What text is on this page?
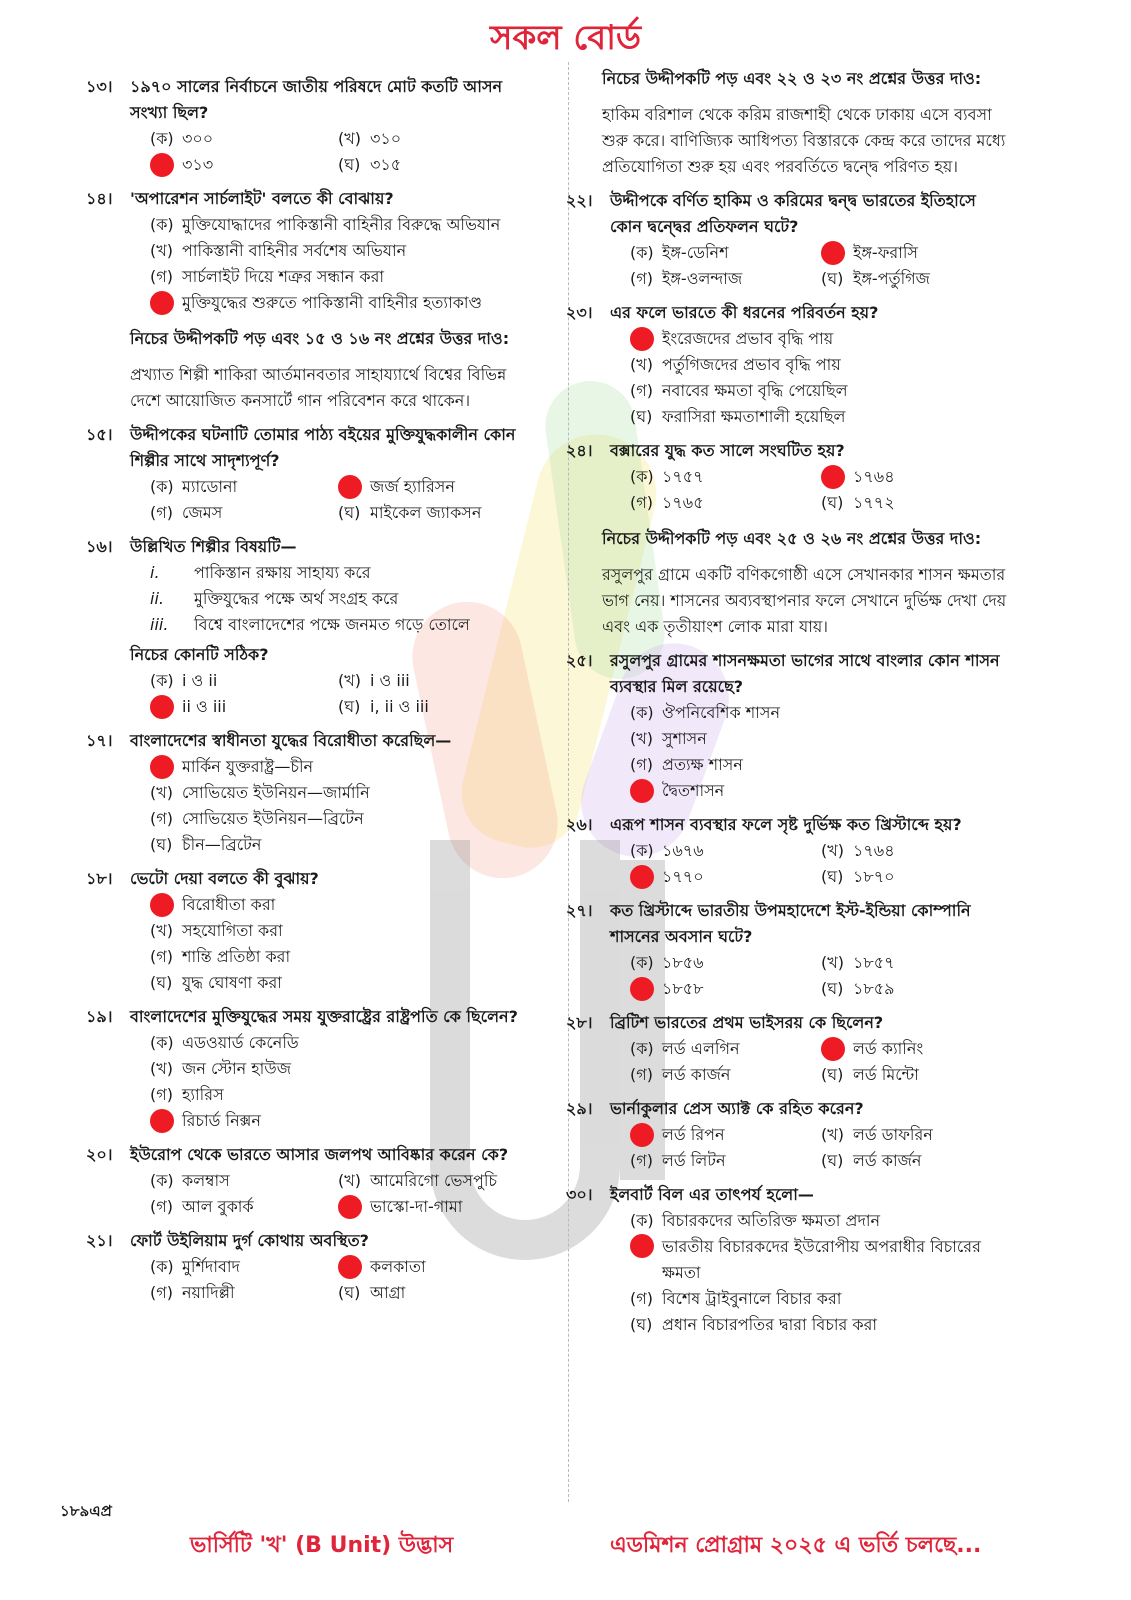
সকল বোর্ড
১৩।	১৯৭০ সালের নির্বাচনে জাতীয় পরিষদে মোট কতটি আসন সংখ্যা ছিল?
(ক) ৩০০	(খ) ৩১০
৩১৩	(ঘ) ৩১৫
১৪।	'অপারেশন সার্চলাইট' বলতে কী বোঝায়?
(ক) মুক্তিযোদ্ধাদের পাকিস্তানী বাহিনীর বিরুদ্ধে অভিযান
(খ) পাকিস্তানী বাহিনীর সর্বশেষ অভিযান
(গ) সার্চলাইট দিয়ে শত্রুর সন্ধান করা
মুক্তিযুদ্ধের শুরুতে পাকিস্তানী বাহিনীর হত্যাকাণ্ড
নিচের উদ্দীপকটি পড় এবং ১৫ ও ১৬ নং প্রশ্নের উত্তর দাও:
প্রখ্যাত শিল্পী শাকিরা আর্তমানবতার সাহায্যার্থে বিশ্বের বিভিন্ন দেশে আয়োজিত কনসার্টে গান পরিবেশন করে থাকেন।
১৫।	উদ্দীপকের ঘটনাটি তোমার পাঠ্য বইয়ের মুক্তিযুদ্ধকালীন কোন শিল্পীর সাথে সাদৃশ্যপূর্ণ?
(ক) ম্যাডোনা	জর্জ হ্যারিসন
(গ) জেমস	(ঘ) মাইকেল জ্যাকসন
১৬।	উল্লিখিত শিল্পীর বিষয়টি—
i. পাকিস্তান রক্ষায় সাহায্য করে
ii. মুক্তিযুদ্ধের পক্ষে অর্থ সংগ্রহ করে
iii. বিশ্বে বাংলাদেশের পক্ষে জনমত গড়ে তোলে
নিচের কোনটি সঠিক?
(ক) i ও ii	(খ) i ও iii
ii ও iii	(ঘ) i, ii ও iii
১৭।	বাংলাদেশের স্বাধীনতা যুদ্ধের বিরোধীতা করেছিল—
মার্কিন যুক্তরাষ্ট্র—চীন
(খ) সোভিয়েত ইউনিয়ন—জার্মানি
(গ) সোভিয়েত ইউনিয়ন—ব্রিটেন
(ঘ) চীন—ব্রিটেন
১৮।	ভেটো দেয়া বলতে কী বুঝায়?
বিরোধীতা করা
(খ) সহযোগিতা করা
(গ) শান্তি প্রতিষ্ঠা করা
(ঘ) যুদ্ধ ঘোষণা করা
১৯।	বাংলাদেশের মুক্তিযুদ্ধের সময় যুক্তরাষ্ট্রের রাষ্ট্রপতি কে ছিলেন?
(ক) এডওয়ার্ড কেনেডি
(খ) জন স্টোন হাউজ
(গ) হ্যারিস
রিচার্ড নিক্সন
২০।	ইউরোপ থেকে ভারতে আসার জলপথ আবিষ্কার করেন কে?
(ক) কলম্বাস	(খ) আমেরিগো ভেসপুচি
(গ) আল বুকার্ক	ভাস্কো-দা-গামা
২১।	ফোর্ট উইলিয়াম দুর্গ কোথায় অবস্থিত?
(ক) মুর্শিদাবাদ	কলকাতা
(গ) নয়াদিল্লী	(ঘ) আগ্রা
নিচের উদ্দীপকটি পড় এবং ২২ ও ২৩ নং প্রশ্নের উত্তর দাও:
হাকিম বরিশাল থেকে করিম রাজশাহী থেকে ঢাকায় এসে ব্যবসা শুরু করে। বাণিজ্যিক আধিপত্য বিস্তারকে কেন্দ্র করে তাদের মধ্যে প্রতিযোগিতা শুরু হয় এবং পরবর্তিতে দ্বন্দ্বে পরিণত হয়।
২২।	উদ্দীপকে বর্ণিত হাকিম ও করিমের দ্বন্দ্ব ভারতের ইতিহাসে কোন দ্বন্দ্বের প্রতিফলন ঘটে?
(ক) ইঙ্গ-ডেনিশ	ইঙ্গ-ফরাসি
(গ) ইঙ্গ-ওলন্দাজ	(ঘ) ইঙ্গ-পর্তুগিজ
২৩।	এর ফলে ভারতে কী ধরনের পরিবর্তন হয়?
ইংরেজদের প্রভাব বৃদ্ধি পায়
(খ) পর্তুগিজদের প্রভাব বৃদ্ধি পায়
(গ) নবাবের ক্ষমতা বৃদ্ধি পেয়েছিল
(ঘ) ফরাসিরা ক্ষমতাশালী হয়েছিল
২৪।	বক্সারের যুদ্ধ কত সালে সংঘটিত হয়?
(ক) ১৭৫৭	১৭৬৪
(গ) ১৭৬৫	(ঘ) ১৭৭২
নিচের উদ্দীপকটি পড় এবং ২৫ ও ২৬ নং প্রশ্নের উত্তর দাও:
রসুলপুর গ্রামে একটি বণিকগোষ্ঠী এসে সেখানকার শাসন ক্ষমতার ভাগ নেয়। শাসনের অব্যবস্থাপনার ফলে সেখানে দুর্ভিক্ষ দেখা দেয় এবং এক তৃতীয়াংশ লোক মারা যায়।
২৫।	রসুলপুর গ্রামের শাসনক্ষমতা ভাগের সাথে বাংলার কোন শাসন ব্যবস্থার মিল রয়েছে?
(ক) ঔপনিবেশিক শাসন
(খ) সুশাসন
(গ) প্রত্যক্ষ শাসন
দ্বৈতশাসন
২৬।	এরূপ শাসন ব্যবস্থার ফলে সৃষ্ট দুর্ভিক্ষ কত খ্রিস্টাব্দে হয়?
(ক) ১৬৭৬	(খ) ১৭৬৪
১৭৭০	(ঘ) ১৮৭০
২৭।	কত খ্রিস্টাব্দে ভারতীয় উপমহাদেশে ইস্ট-ইন্ডিয়া কোম্পানি শাসনের অবসান ঘটে?
(ক) ১৮৫৬	(খ) ১৮৫৭
১৮৫৮	(ঘ) ১৮৫৯
২৮।	ব্রিটিশ ভারতের প্রথম ভাইসরয় কে ছিলেন?
(ক) লর্ড এলগিন	লর্ড ক্যানিং
(গ) লর্ড কার্জন	(ঘ) লর্ড মিন্টো
২৯।	ভার্নাকুলার প্রেস অ্যাক্ট কে রহিত করেন?
লর্ড রিপন	(খ) লর্ড ডাফরিন
(গ) লর্ড লিটন	(ঘ) লর্ড কার্জন
৩০।	ইলবার্ট বিল এর তাৎপর্য হলো—
(ক) বিচারকদের অতিরিক্ত ক্ষমতা প্রদান
ভারতীয় বিচারকদের ইউরোপীয় অপরাধীর বিচারের ক্ষমতা
(গ) বিশেষ ট্রাইবুনালে বিচার করা
(ঘ) প্রধান বিচারপতির দ্বারা বিচার করা
১৮৯এপ্র
ভার্সিটি 'খ' (B Unit) উদ্ভাস	এডমিশন প্রোগ্রাম ২০২৫ এ ভর্তি চলছে...
